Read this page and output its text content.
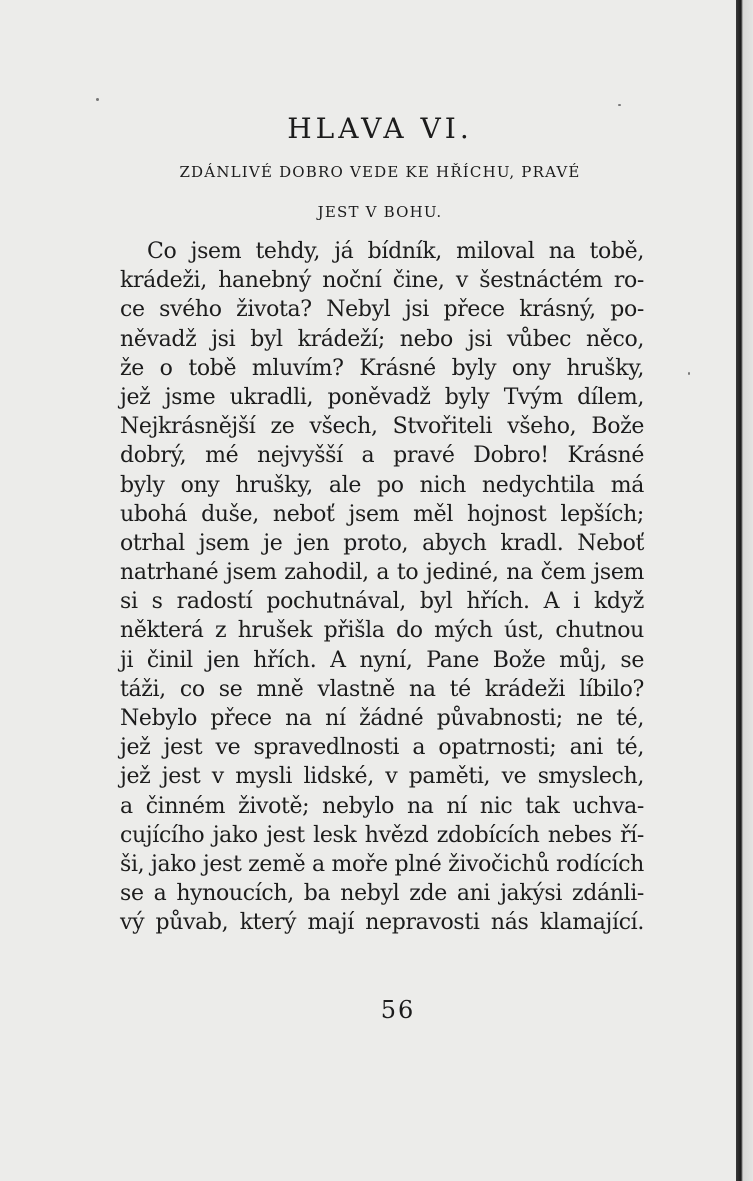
HLAVA VI.

ZDÁNLIVÉ DOBRO VEDE KE HŘÍCHU, PRAVÉ

JEST V BOHU.

Co jsem tehdy, já bídník, miloval na tobě,
krádeži, hanebný noční čine, v šestnáctém ro-
ce svého života? Nebyl jsi přece krásný, po-
něvadž jsi byl krádeží; nebo jsi vůbec něco,
že o tobě mluvím? Krásné byly ony hrušky,
jež jsme ukradli, poněvadž byly Tvým dílem,
Nejkrásnější ze všech, Stvořiteli všeho, Bože
dobrý, mé nejvyšší a pravé Dobro! Krásné
byly ony hrušky, ale po nich nedychtila má
ubohá duše, neboť jsem měl hojnost lepších;
otrhal jsem je jen proto, abych kradl. Neboť
natrhané jsem zahodil, a to jediné, na čem jsem
si s radostí pochutnával, byl hřích. A i když
některá z hrušek přišla do mých úst, chutnou
ji činil jen hřích. A nyní, Pane Bože můj, se
táži, co se mně vlastně na té krádeži líbilo?
Nebylo přece na ní žádné půvabnosti; ne té,
jež jest ve spravedlnosti a opatrnosti; ani té,
jež jest v mysli lidské, v paměti, ve smyslech,
a činném životě; nebylo na ní nic tak uchva-
cujícího jako jest lesk hvězd zdobících nebes ří-
ši, jako jest země a moře plné živočichů rodících
se a hynoucích, ba nebyl zde ani jakýsi zdánli-
vý půvab, který mají nepravosti nás klamající.

56
